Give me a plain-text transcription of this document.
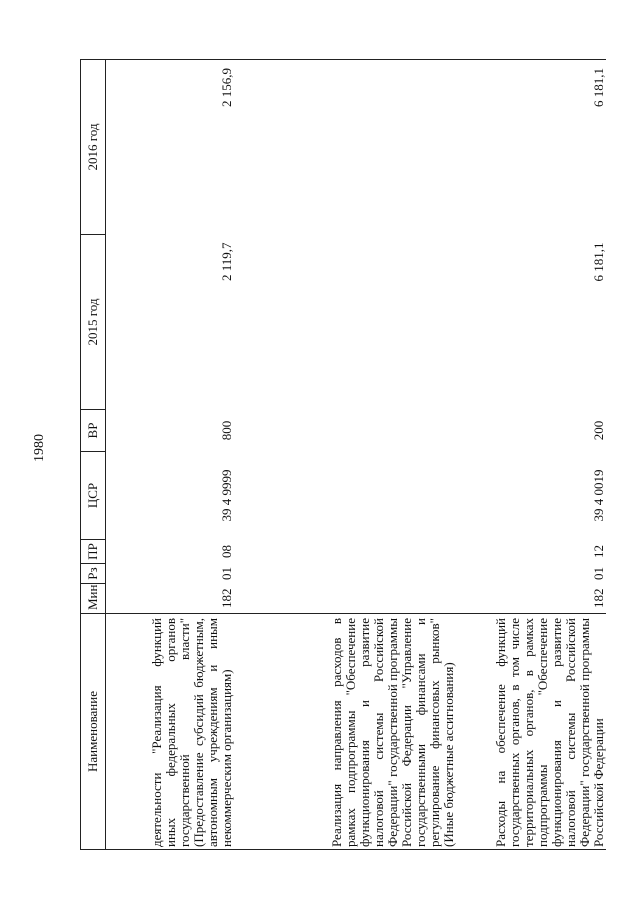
1980
Наименование	Мин	Рз	ПР	ЦСР	ВР	2015 год	2016 год
деятельности "Реализация функций иных федеральных органов государственной власти" (Предоставление субсидий бюджетным, автономным учреждениям и иным некоммерческим организациям)	182	01	08	39 4 9999	800	2 119,7	2 156,9
Реализация направления расходов в рамках подпрограммы "Обеспечение функционирования и развитие налоговой системы Российской Федерации" государственной программы Российской Федерации "Управление государственными финансами и регулирование финансовых рынков" (Иные бюджетные ассигнования)							
Расходы на обеспечение функций государственных органов, в том числе территориальных органов, в рамках подпрограммы "Обеспечение функционирования и развитие налоговой системы Российской Федерации" государственной программы Российской Федерации	182	01	12	39 4 0019	200	6 181,1	6 181,1
